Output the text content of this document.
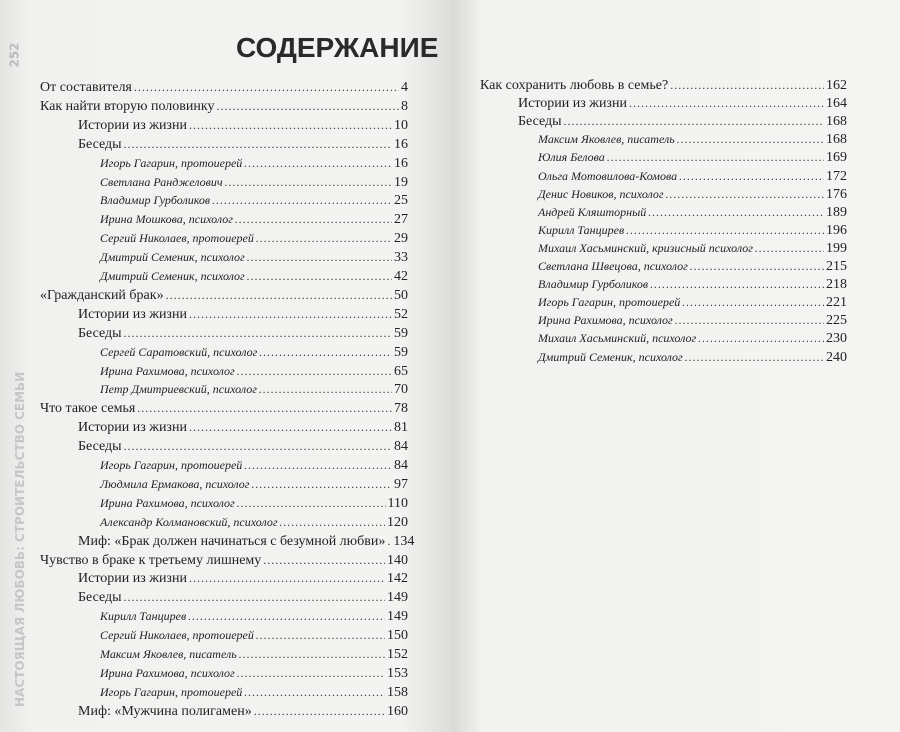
252
НАСТОЯЩАЯ ЛЮБОВЬ: СТРОИТЕЛЬСТВО СЕМЬИ
СОДЕРЖАНИЕ
От составителя .....	4
Как найти вторую половинку .....	8
Истории из жизни .....	10
Беседы .....	16
Игорь Гагарин, протоиерей .....	16
Светлана Ранджелович .....	19
Владимир Гурболиков .....	25
Ирина Мошкова, психолог .....	27
Сергий Николаев, протоиерей .....	29
Дмитрий Семеник, психолог .....	33
Дмитрий Семеник, психолог .....	42
«Гражданский брак» .....	50
Истории из жизни .....	52
Беседы .....	59
Сергей Саратовский, психолог .....	59
Ирина Рахимова, психолог .....	65
Петр Дмитриевский, психолог .....	70
Что такое семья .....	78
Истории из жизни .....	81
Беседы .....	84
Игорь Гагарин, протоиерей .....	84
Людмила Ермакова, психолог .....	97
Ирина Рахимова, психолог .....	110
Александр Колмановский, психолог .....	120
Миф: «Брак должен начинаться с безумной любви» ..... 134
Чувство в браке к третьему лишнему .....	140
Истории из жизни .....	142
Беседы .....	149
Кирилл Танцирев .....	149
Сергий Николаев, протоиерей .....	150
Максим Яковлев, писатель .....	152
Ирина Рахимова, психолог .....	153
Игорь Гагарин, протоиерей .....	158
Миф: «Мужчина полигамен» .....	160
Как сохранить любовь в семье? .....	162
Истории из жизни .....	164
Беседы .....	168
Максим Яковлев, писатель .....	168
Юлия Белова .....	169
Ольга Мотовилова-Комова .....	172
Денис Новиков, психолог .....	176
Андрей Кляшторный .....	189
Кирилл Танцирев .....	196
Михаил Хасьминский, кризисный психолог .....	199
Светлана Швецова, психолог .....	215
Владимир Гурболиков .....	218
Игорь Гагарин, протоиерей .....	221
Ирина Рахимова, психолог .....	225
Михаил Хасьминский, психолог .....	230
Дмитрий Семеник, психолог .....	240
